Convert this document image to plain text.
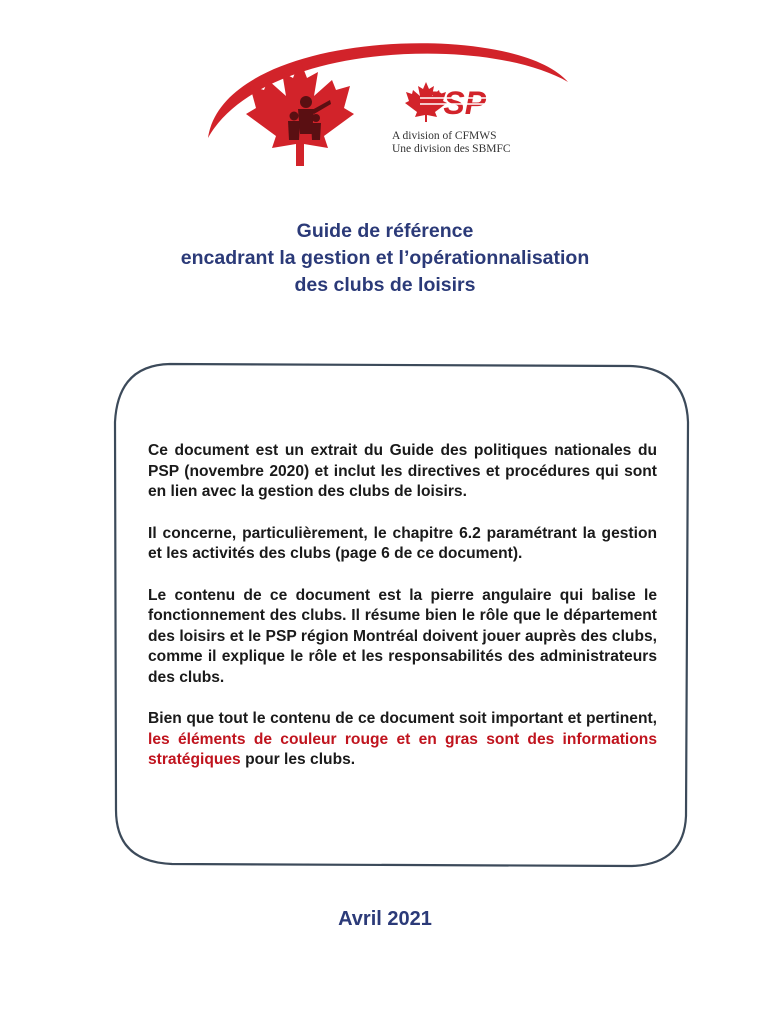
PSP
A division of CFMWS
Une division des SBMFC
Guide de référence
encadrant la gestion et l’opérationnalisation
des clubs de loisirs

Ce document est un extrait du Guide des politiques nationales du PSP (novembre 2020) et inclut les directives et procédures qui sont en lien avec la gestion des clubs de loisirs.

Il concerne, particulièrement, le chapitre 6.2 paramétrant la gestion et les activités des clubs (page 6 de ce document).

Le contenu de ce document est la pierre angulaire qui balise le fonctionnement des clubs. Il résume bien le rôle que le département des loisirs et le PSP région Montréal doivent jouer auprès des clubs, comme il explique le rôle et les responsabilités des administrateurs des clubs.

Bien que tout le contenu de ce document soit important et pertinent, les éléments de couleur rouge et en gras sont des informations stratégiques pour les clubs.

Avril 2021
